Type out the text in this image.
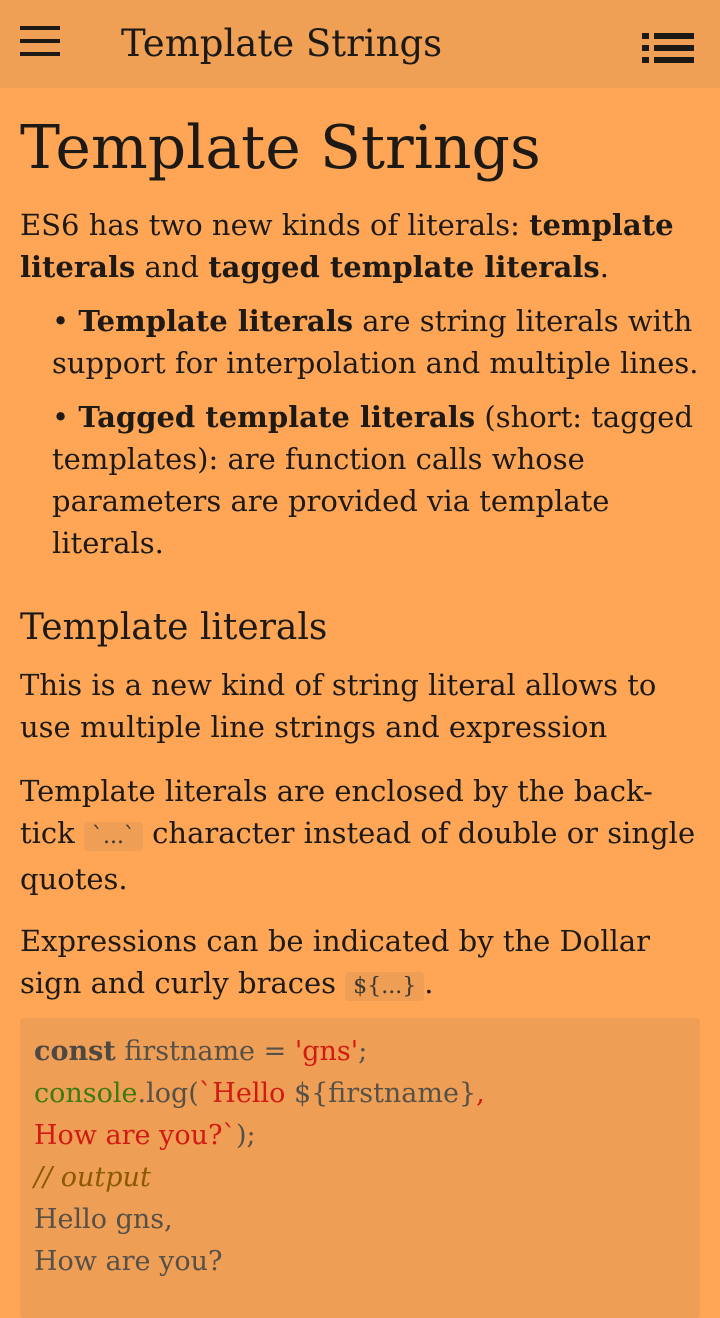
Template Strings
Template Strings

ES6 has two new kinds of literals: template literals and tagged template literals.

• Template literals are string literals with support for interpolation and multiple lines.
• Tagged template literals (short: tagged templates): are function calls whose parameters are provided via template literals.
Template literals

This is a new kind of string literal allows to use multiple line strings and expression

Template literals are enclosed by the back-tick `...` character instead of double or single quotes.

Expressions can be indicated by the Dollar sign and curly braces ${...} .

const firstname = 'gns';
console.log(`Hello ${firstname},
How are you?`);
// output
Hello gns,
How are you?
